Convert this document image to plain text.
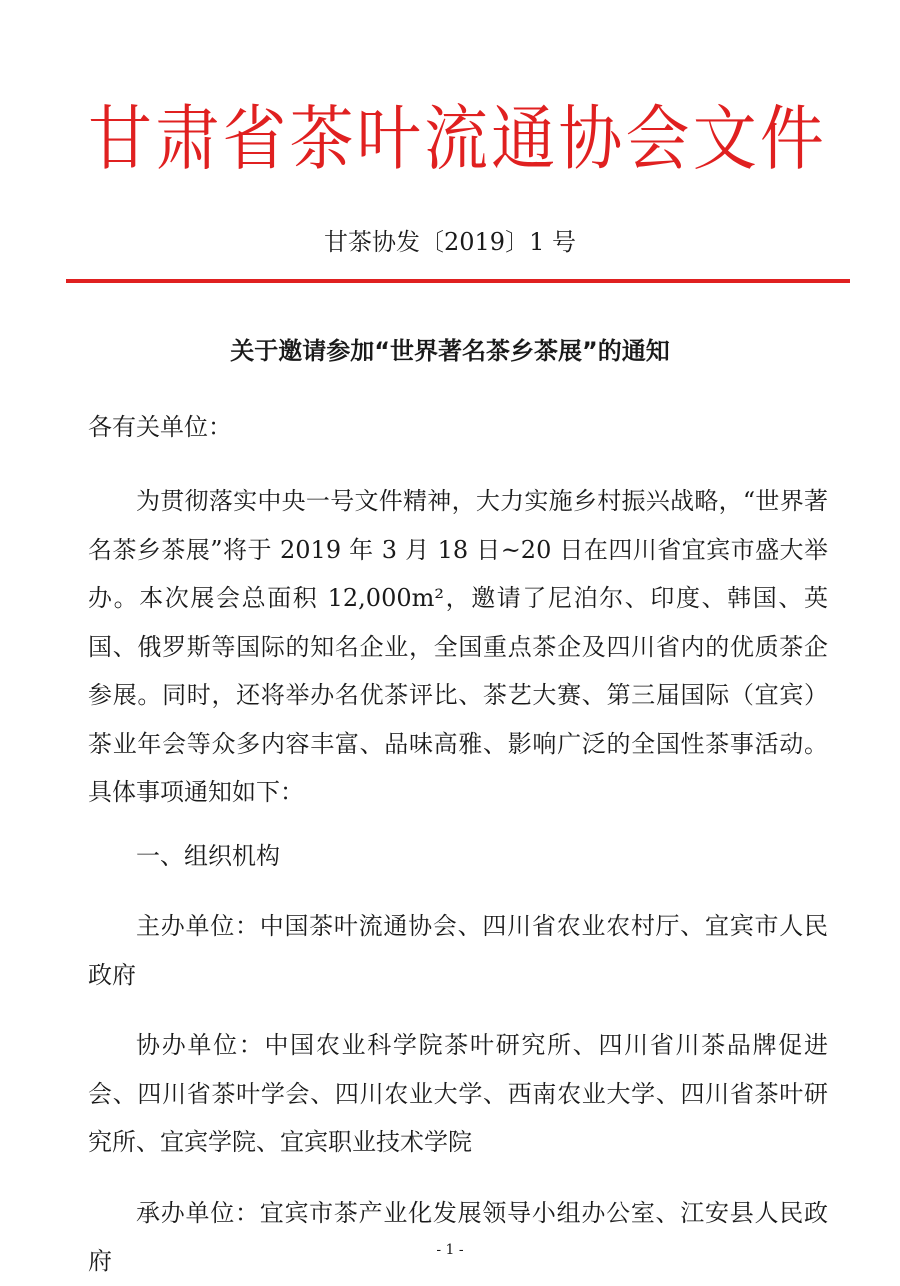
甘 肃 省 茶 叶 流 通 协 会 文 件
甘茶协发〔2019〕1 号
关于邀请参加“世界著名茶乡茶展”的通知
各有关单位：

为贯彻落实中央一号文件精神，大力实施乡村振兴战略，“世界著名茶乡茶展”将于 2019 年 3 月 18 日~20 日在四川省宜宾市盛大举办。本次展会总面积 12,000m²，邀请了尼泊尔、印度、韩国、英国、俄罗斯等国际的知名企业，全国重点茶企及四川省内的优质茶企参展。同时，还将举办名优茶评比、茶艺大赛、第三届国际（宜宾）茶业年会等众多内容丰富、品味高雅、影响广泛的全国性茶事活动。具体事项通知如下：

一、组织机构

主办单位：中国茶叶流通协会、四川省农业农村厅、宜宾市人民政府

协办单位：中国农业科学院茶叶研究所、四川省川茶品牌促进会、四川省茶叶学会、四川农业大学、西南农业大学、四川省茶叶研究所、宜宾学院、宜宾职业技术学院

承办单位：宜宾市茶产业化发展领导小组办公室、江安县人民政府	- 1 -
